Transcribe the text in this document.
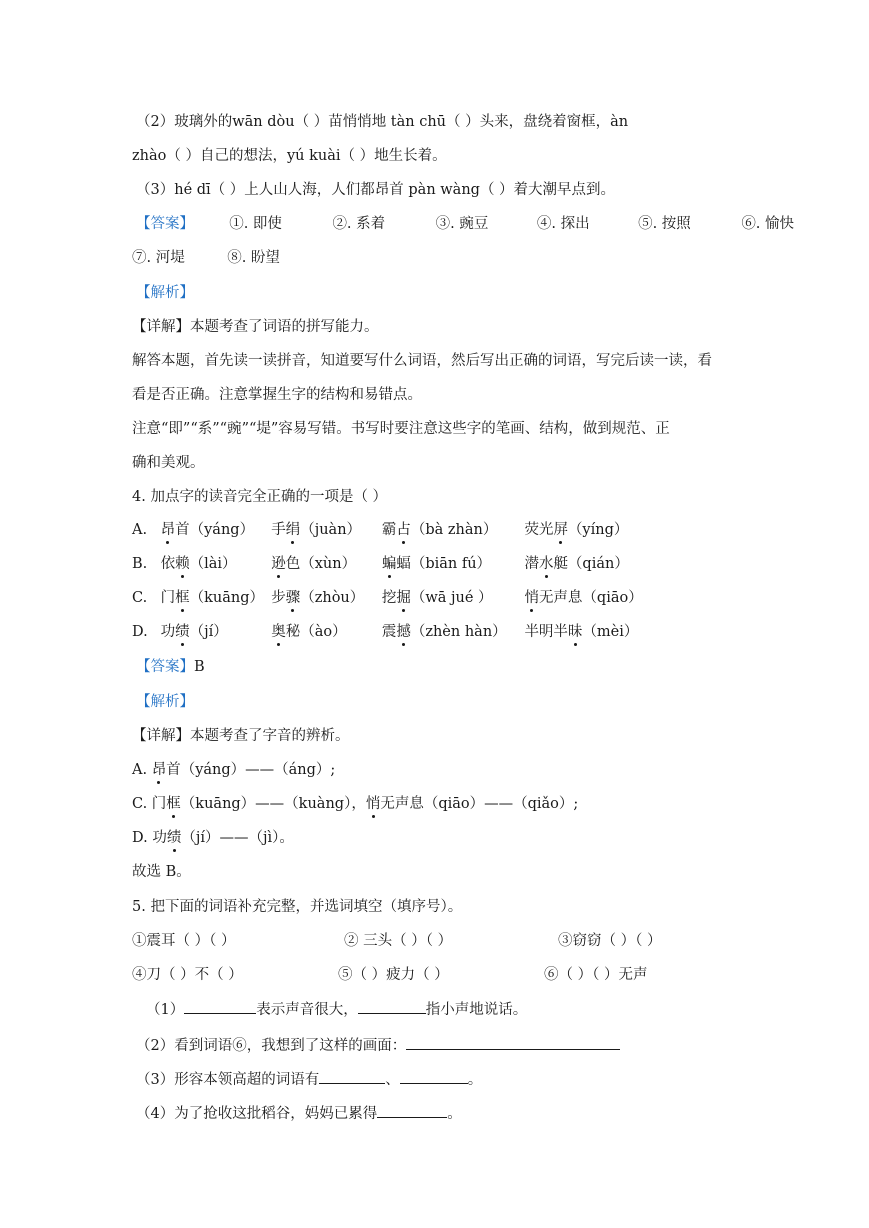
（2）玻璃外的wān dòu（ ）苗悄悄地 tàn chū（ ）头来，盘绕着窗框，àn
zhào（ ）自己的想法，yú kuài（ ）地生长着。
（3）hé dī（ ）上人山人海，人们都昂首 pàn wàng（ ）着大潮早点到。
【答案】 ①. 即使	②. 系着	③. 豌豆	④. 探出	⑤. 按照	⑥. 愉快
⑦. 河堤	⑧. 盼望
【解析】
【详解】本题考查了词语的拼写能力。
解答本题，首先读一读拼音，知道要写什么词语，然后写出正确的词语，写完后读一读，看
看是否正确。注意掌握生字的结构和易错点。
注意“即”“系”“豌”“堤”容易写错。书写时要注意这些字的笔画、结构，做到规范、正
确和美观。
4. 加点字的读音完全正确的一项是（ ）
A. 昂首（yáng） 手绢（juàn） 霸占（bà zhàn） 荧光屏（yíng）
B. 依赖（lài） 逊色（xùn） 蝙蝠（biān fú） 潜水艇（qián）
C. 门框（kuāng） 步骤（zhòu） 挖掘（wā jué ） 悄无声息（qiāo）
D. 功绩（jí）	奥秘（ào） 震撼（zhèn hàn） 半明半昧（mèi）
【答案】B
【解析】
【详解】本题考查了字音的辨析。
A. 昂首（yáng）——（áng）;
C. 门框（kuāng）——（kuàng），悄无声息（qiāo）——（qiǎo）;
D. 功绩（jí）——（jì）。
故选 B。
5. 把下面的词语补充完整，并选词填空（填序号）。
①震耳（ ）（ ）	② 三头（ ）（ ）	③窃窃（ ）（ ）
④刀（ ）不（ ）	⑤（ ）疲力（ ）	⑥（ ）（ ）无声
（1）	表示声音很大，	指小声地说话。
（2）看到词语⑥，我想到了这样的画面：
（3）形容本领高超的词语有	、	。
（4）为了抢收这批稻谷，妈妈已累得	。
